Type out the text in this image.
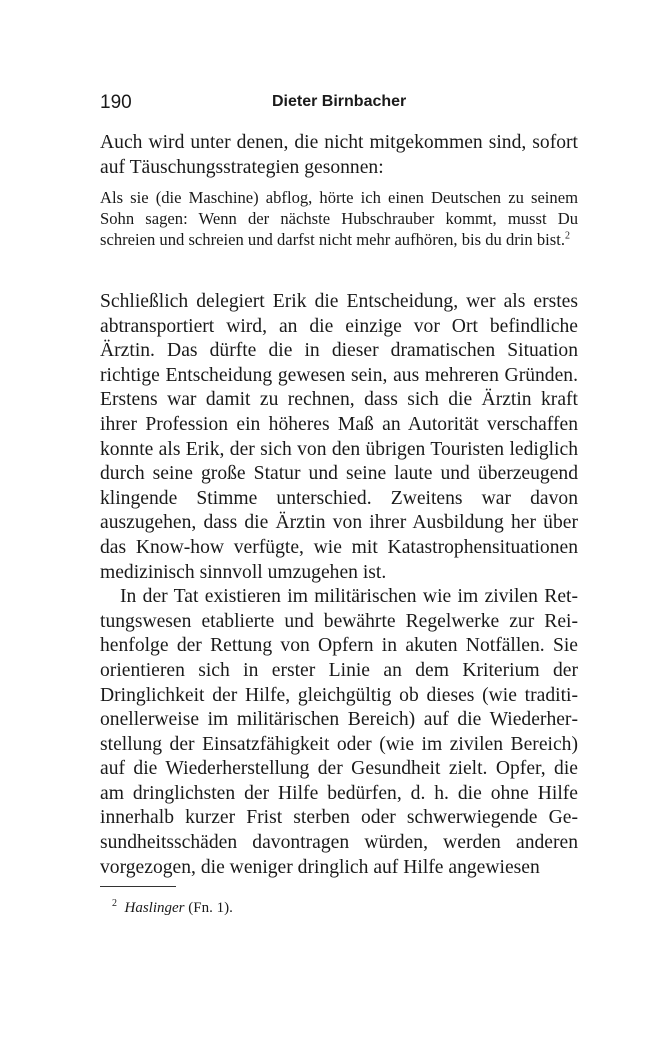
190	Dieter Birnbacher

Auch wird unter denen, die nicht mitgekommen sind, sofort auf Täuschungsstrategien gesonnen:

Als sie (die Maschine) abflog, hörte ich einen Deutschen zu seinem Sohn sagen: Wenn der nächste Hubschrauber kommt, musst Du schreien und schreien und darfst nicht mehr aufhören, bis du drin bist.$^2$

Schließlich delegiert Erik die Entscheidung, wer als erstes abtransportiert wird, an die einzige vor Ort befindliche Ärztin. Das dürfte die in dieser dramatischen Situation richtige Entscheidung gewesen sein, aus mehreren Gründen. Erstens war damit zu rechnen, dass sich die Ärztin kraft ihrer Profession ein höheres Maß an Autorität verschaffen konnte als Erik, der sich von den übrigen Touristen lediglich durch seine große Statur und seine laute und überzeugend klingende Stimme unterschied. Zweitens war davon auszugehen, dass die Ärztin von ihrer Ausbildung her über das Know-how verfügte, wie mit Katastrophensituationen medizinisch sinnvoll umzugehen ist.

In der Tat existieren im militärischen wie im zivilen Rettungswesen etablierte und bewährte Regelwerke zur Reihenfolge der Rettung von Opfern in akuten Notfällen. Sie orientieren sich in erster Linie an dem Kriterium der Dringlichkeit der Hilfe, gleichgültig ob dieses (wie traditionellerweise im militärischen Bereich) auf die Wiederherstellung der Einsatzfähigkeit oder (wie im zivilen Bereich) auf die Wiederherstellung der Gesundheit zielt. Opfer, die am dringlichsten der Hilfe bedürfen, d. h. die ohne Hilfe innerhalb kurzer Frist sterben oder schwerwiegende Gesundheitsschäden davontragen würden, werden anderen vorgezogen, die weniger dringlich auf Hilfe angewiesen

$^2$ Haslinger (Fn. 1).
